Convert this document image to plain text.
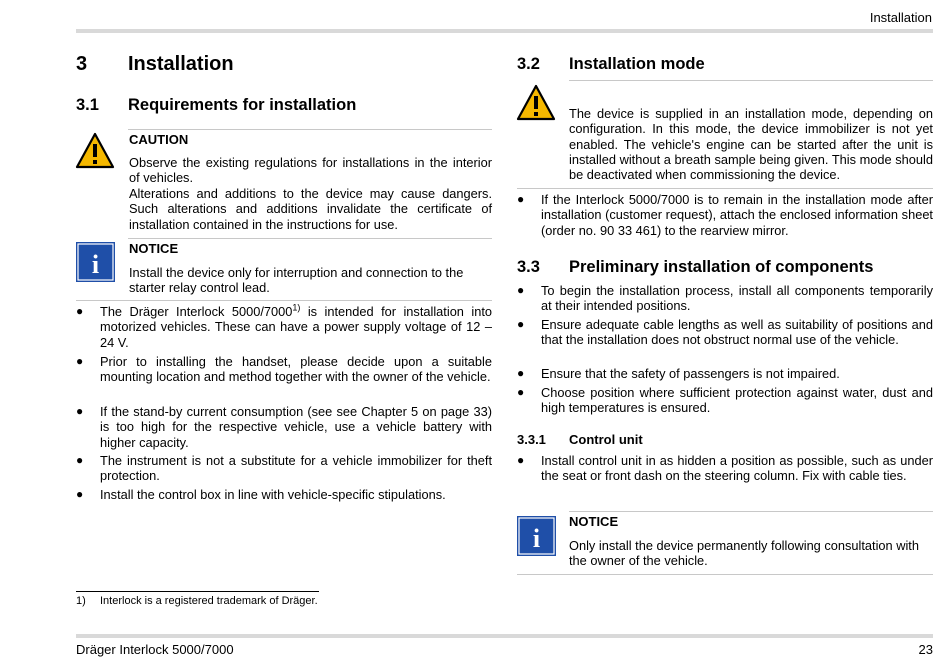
Installation
3 Installation
3.1 Requirements for installation
CAUTION
Observe the existing regulations for installations in the interior of vehicles.
Alterations and additions to the device may cause dangers. Such alterations and additions invalidate the certificate of installation contained in the instructions for use.
i
NOTICE
Install the device only for interruption and connection to the starter relay control lead.
● The Dräger Interlock 5000/7000$^{1)}$ is intended for installation into motorized vehicles. These can have a power supply voltage of 12 – 24 V.
● Prior to installing the handset, please decide upon a suitable mounting location and method together with the owner of the vehicle.
● If the stand-by current consumption (see see Chapter 5 on page 33) is too high for the respective vehicle, use a vehicle battery with higher capacity.
● The instrument is not a substitute for a vehicle immobilizer for theft protection.
● Install the control box in line with vehicle-specific stipulations.
1) Interlock is a registered trademark of Dräger.
3.2 Installation mode
The device is supplied in an installation mode, depending on configuration. In this mode, the device immobilizer is not yet enabled. The vehicle's engine can be started after the unit is installed without a breath sample being given. This mode should be deactivated when commissioning the device.
● If the Interlock 5000/7000 is to remain in the installation mode after installation (customer request), attach the enclosed information sheet (order no. 90 33 461) to the rearview mirror.
3.3 Preliminary installation of components
● To begin the installation process, install all components temporarily at their intended positions.
● Ensure adequate cable lengths as well as suitability of positions and that the installation does not obstruct normal use of the vehicle.
● Ensure that the safety of passengers is not impaired.
● Choose position where sufficient protection against water, dust and high temperatures is ensured.
3.3.1 Control unit
● Install control unit in as hidden a position as possible, such as under the seat or front dash on the steering column. Fix with cable ties.
i
NOTICE
Only install the device permanently following consultation with the owner of the vehicle.
Dräger Interlock 5000/7000	23
